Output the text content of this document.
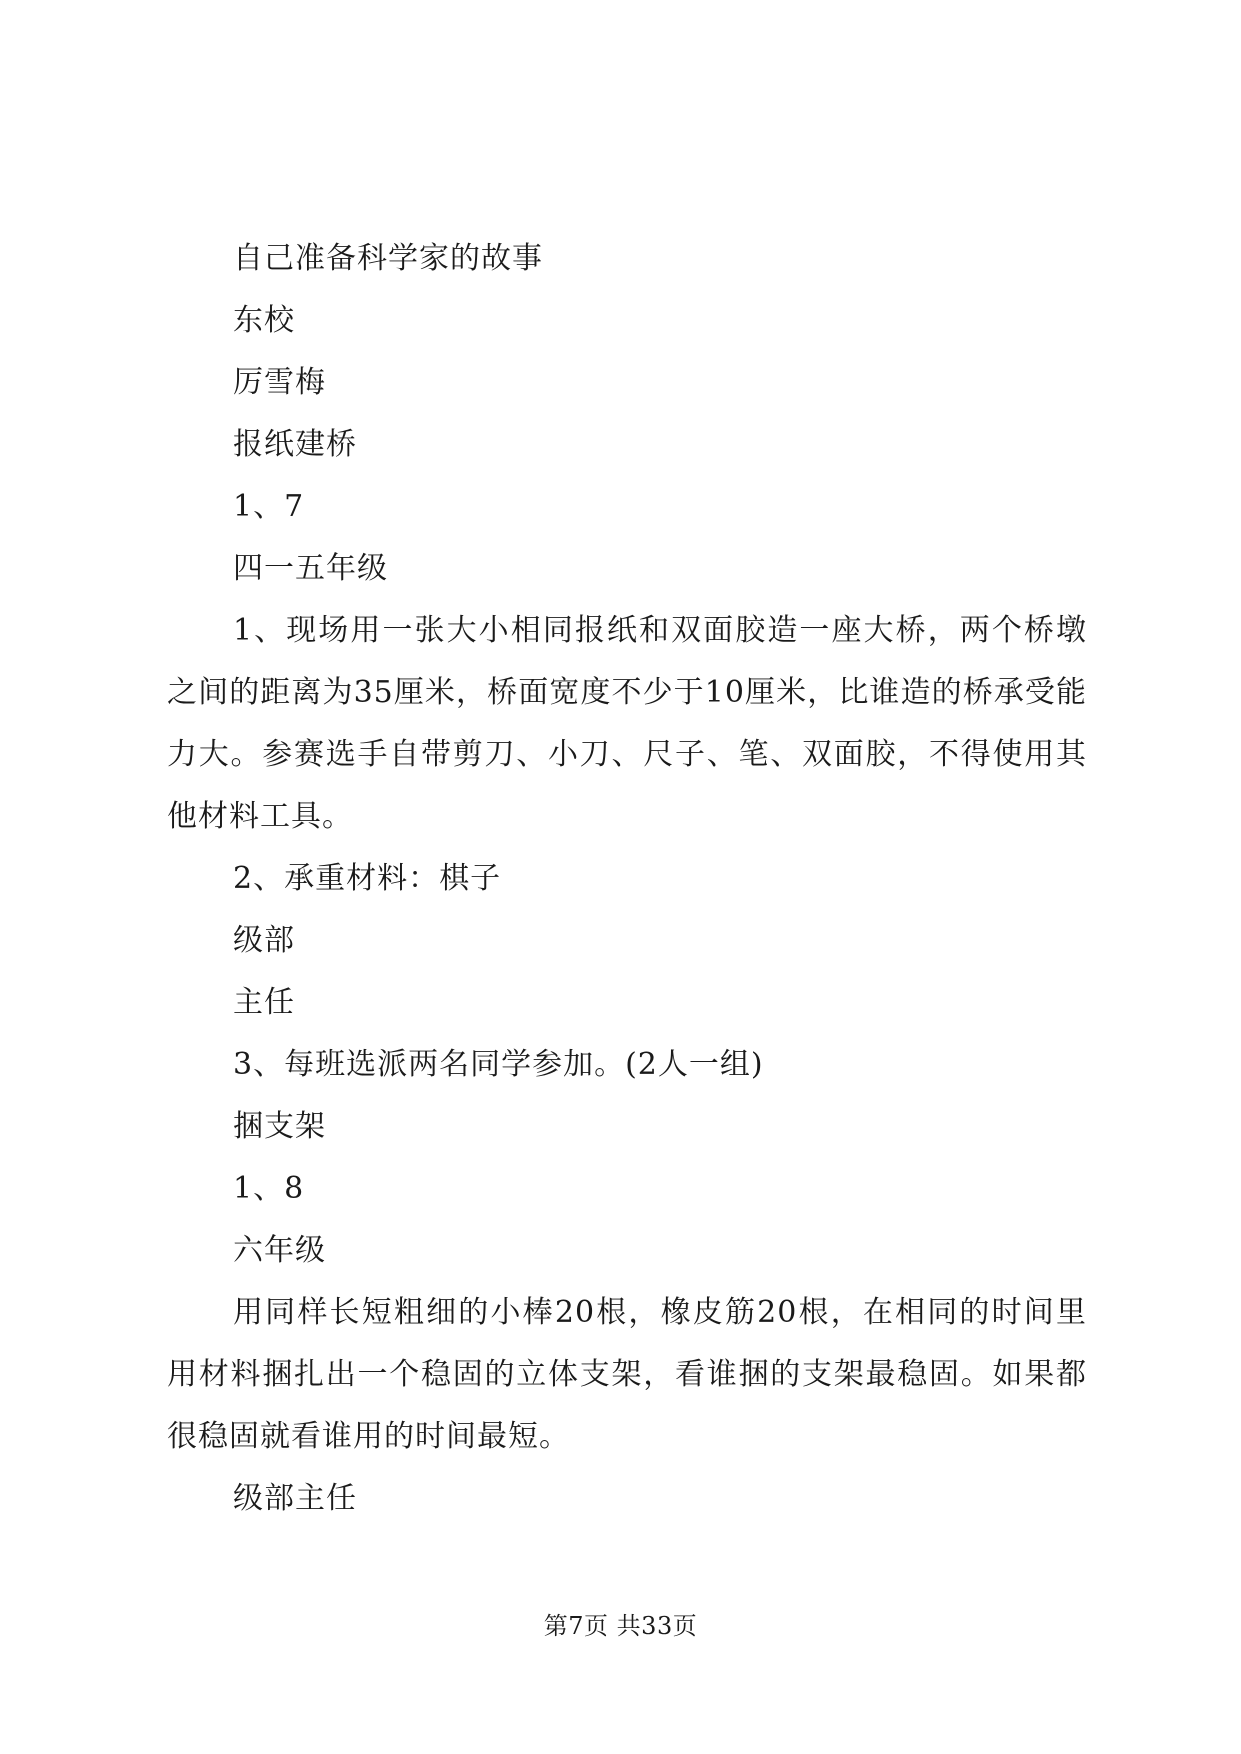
自己准备科学家的故事

东校

厉雪梅

报纸建桥

1、7

四一五年级

1、现场用一张大小相同报纸和双面胶造一座大桥，两个桥墩之间的距离为35厘米，桥面宽度不少于10厘米，比谁造的桥承受能力大。参赛选手自带剪刀、小刀、尺子、笔、双面胶，不得使用其他材料工具。

2、承重材料：棋子

级部

主任

3、每班选派两名同学参加。(2人一组)

捆支架

1、8

六年级

用同样长短粗细的小棒20根，橡皮筋20根，在相同的时间里用材料捆扎出一个稳固的立体支架，看谁捆的支架最稳固。如果都很稳固就看谁用的时间最短。

级部主任

第7页 共33页
